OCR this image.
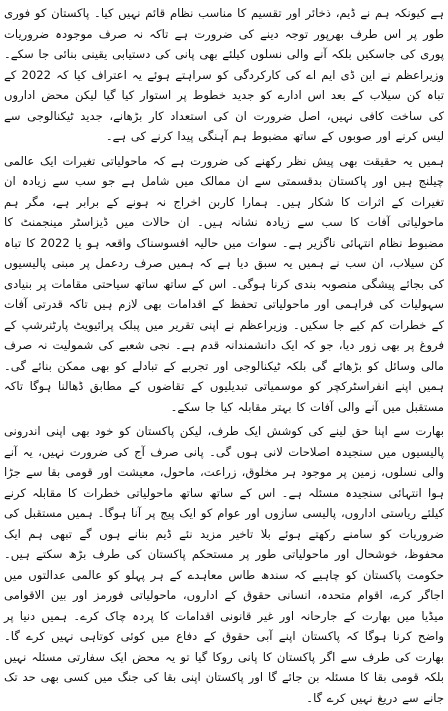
ہے کیونکہ ہم نے ڈیم، ذخائر اور تقسیم کا مناسب نظام قائم نہیں کیا۔ پاکستان کو فوری طور پر اس طرف بھرپور توجہ دینے کی ضرورت ہے تاکہ نہ صرف موجودہ ضروریات پوری کی جاسکیں بلکہ آنے والی نسلوں کیلئے بھی پانی کی دستیابی یقینی بنائی جا سکے۔ وزیراعظم نے این ڈی ایم اے کی کارکردگی کو سراہتے ہوئے یہ اعتراف کیا کہ 2022 کے تباہ کن سیلاب کے بعد اس ادارے کو جدید خطوط پر استوار کیا گیا لیکن محض اداروں کی ساخت کافی نہیں، اصل ضرورت ان کی استعداد کار بڑھانے، جدید ٹیکنالوجی سے لیس کرنے اور صوبوں کے ساتھ مضبوط ہم آہنگی پیدا کرنے کی ہے۔

ہمیں یہ حقیقت بھی پیش نظر رکھنے کی ضرورت ہے کہ ماحولیاتی تغیرات ایک عالمی چیلنج ہیں اور پاکستان بدقسمتی سے ان ممالک میں شامل ہے جو سب سے زیادہ ان تغیرات کے اثرات کا شکار ہیں۔ ہمارا کاربن اخراج نہ ہونے کے برابر ہے، مگر ہم ماحولیاتی آفات کا سب سے زیادہ نشانہ ہیں۔ ان حالات میں ڈیزاسٹر مینجمنٹ کا مضبوط نظام انتہائی ناگزیر ہے۔ سوات میں حالیہ افسوسناک واقعہ ہو یا 2022 کا تباہ کن سیلاب، ان سب نے ہمیں یہ سبق دیا ہے کہ ہمیں صرف ردعمل پر مبنی پالیسیوں کی بجائے پیشگی منصوبہ بندی کرنا ہوگی۔ اس کے ساتھ ساتھ سیاحتی مقامات پر بنیادی سہولیات کی فراہمی اور ماحولیاتی تحفظ کے اقدامات بھی لازم ہیں تاکہ قدرتی آفات کے خطرات کم کیے جا سکیں۔ وزیراعظم نے اپنی تقریر میں پبلک پرائیویٹ پارٹنرشپ کے فروغ پر بھی زور دیا، جو کہ ایک دانشمندانہ قدم ہے۔ نجی شعبے کی شمولیت نہ صرف مالی وسائل کو بڑھائے گی بلکہ ٹیکنالوجی اور تجربے کے تبادلے کو بھی ممکن بنائے گی۔ ہمیں اپنے انفراسٹرکچر کو موسمیاتی تبدیلیوں کے تقاضوں کے مطابق ڈھالنا ہوگا تاکہ مستقبل میں آنے والی آفات کا بہتر مقابلہ کیا جا سکے۔

بھارت سے اپنا حق لینے کی کوشش ایک طرف، لیکن پاکستان کو خود بھی اپنی اندرونی پالیسیوں میں سنجیدہ اصلاحات لانی ہوں گی۔ پانی صرف آج کی ضرورت نہیں، یہ آنے والی نسلوں، زمین پر موجود ہر مخلوق، زراعت، ماحول، معیشت اور قومی بقا سے جڑا ہوا انتہائی سنجیدہ مسئلہ ہے۔ اس کے ساتھ ساتھ ماحولیاتی خطرات کا مقابلہ کرنے کیلئے ریاستی اداروں، پالیسی سازوں اور عوام کو ایک پیج پر آنا ہوگا۔ ہمیں مستقبل کی ضروریات کو سامنے رکھتے ہوئے بلا تاخیر مزید نئے ڈیم بنانے ہوں گے تبھی ہم ایک محفوظ، خوشحال اور ماحولیاتی طور پر مستحکم پاکستان کی طرف بڑھ سکتے ہیں۔ حکومت پاکستان کو چاہیے کہ سندھ طاس معاہدے کے ہر پہلو کو عالمی عدالتوں میں اجاگر کرے، اقوام متحدہ، انسانی حقوق کے اداروں، ماحولیاتی فورمز اور بین الاقوامی میڈیا میں بھارت کے جارحانہ اور غیر قانونی اقدامات کا پردہ چاک کرے۔ ہمیں دنیا پر واضح کرنا ہوگا کہ پاکستان اپنے آبی حقوق کے دفاع میں کوئی کوتاہی نہیں کرے گا۔ بھارت کی طرف سے اگر پاکستان کا پانی روکا گیا تو یہ محض ایک سفارتی مسئلہ نہیں بلکہ قومی بقا کا مسئلہ بن جائے گا اور پاکستان اپنی بقا کی جنگ میں کسی بھی حد تک جانے سے دریغ نہیں کرے گا۔
